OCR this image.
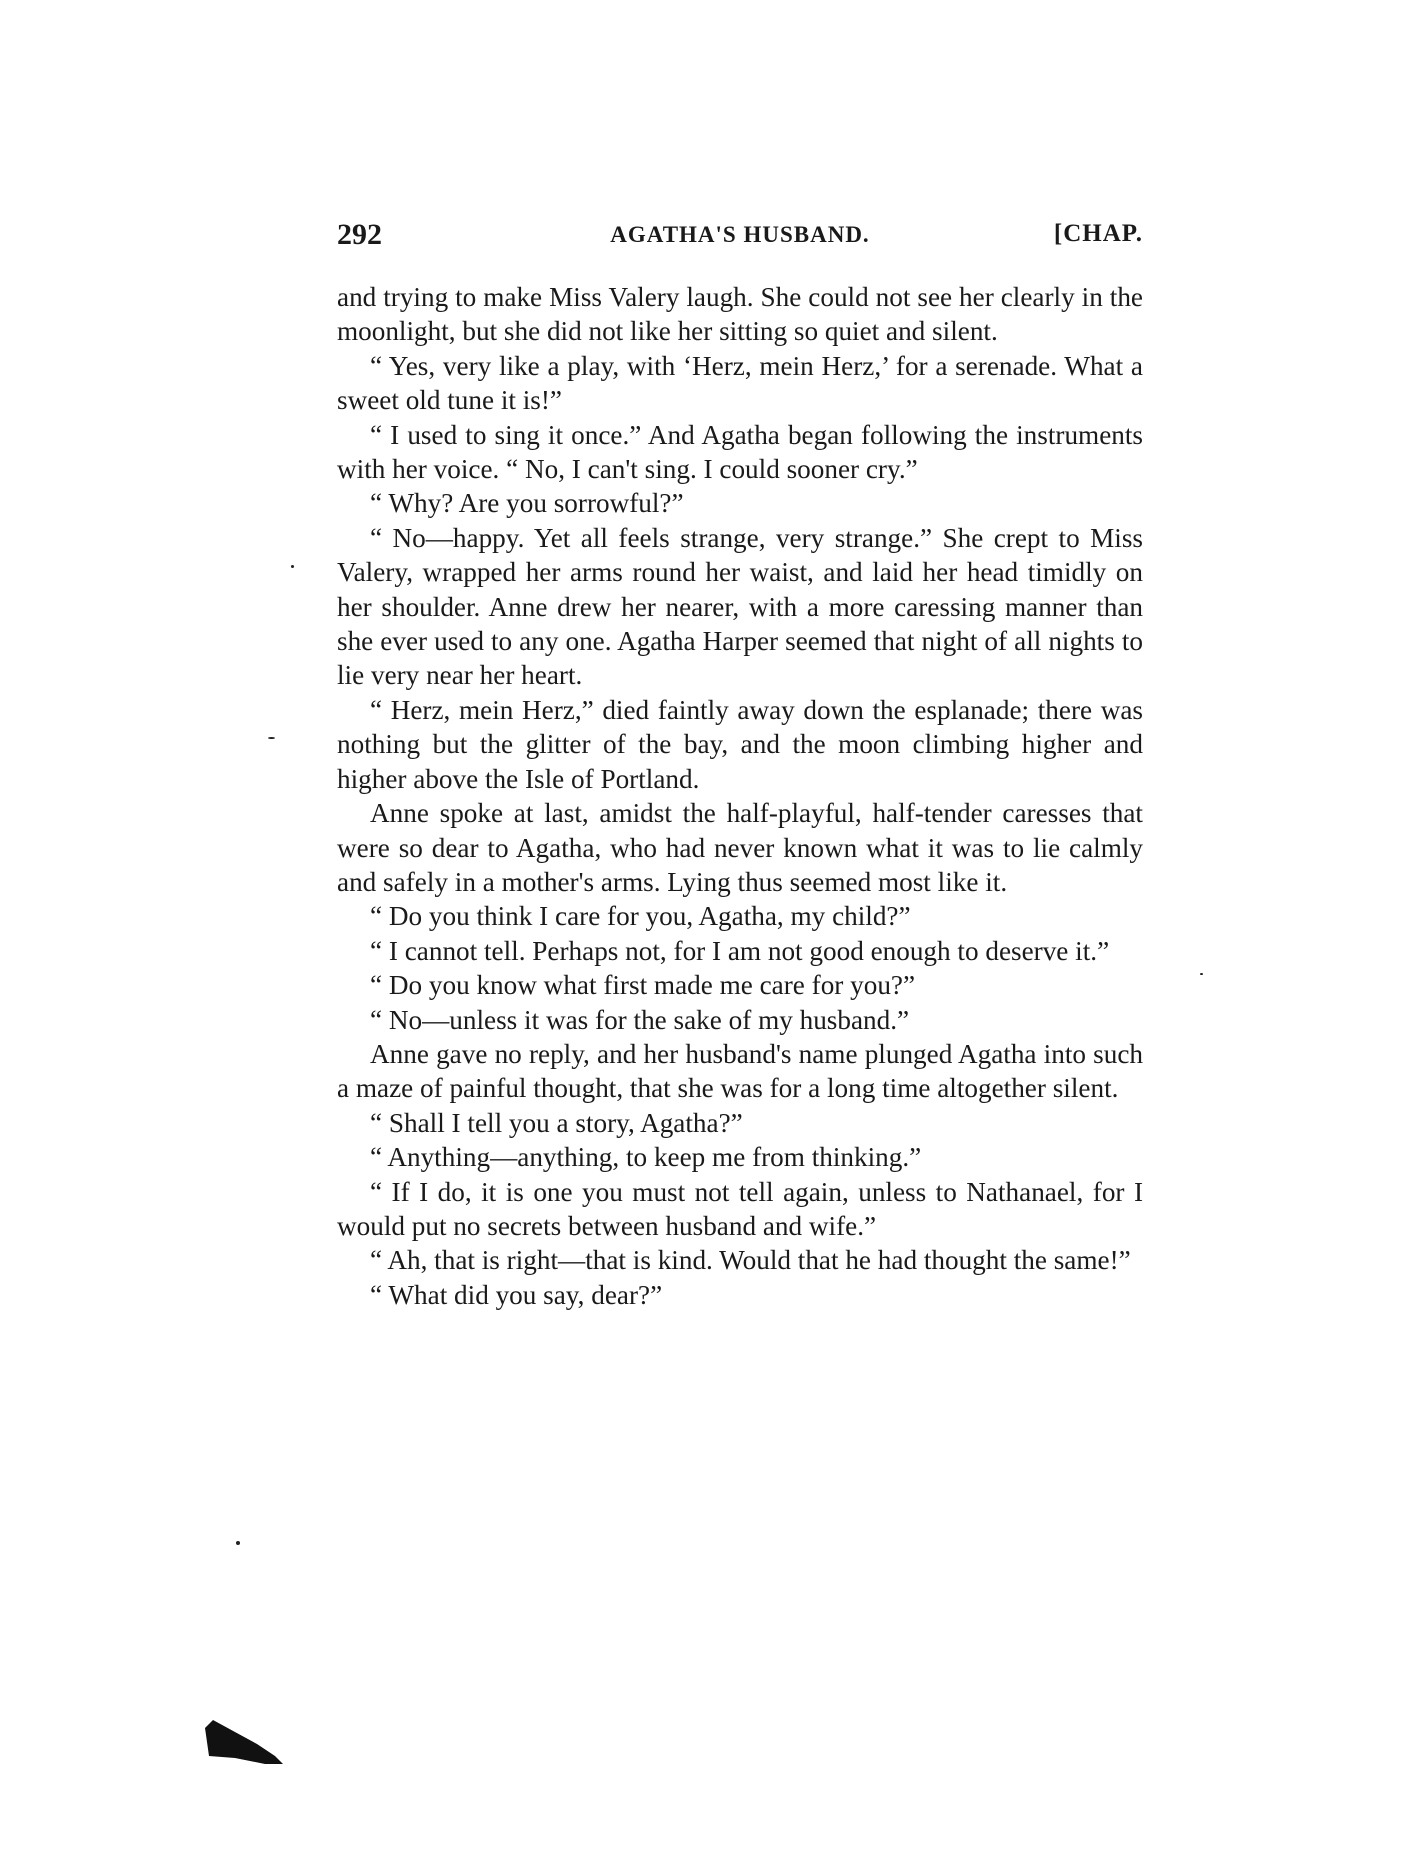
292	AGATHA'S HUSBAND.	[CHAP.

and trying to make Miss Valery laugh. She could not see her clearly in the moonlight, but she did not like her sitting so quiet and silent.

“ Yes, very like a play, with ‘Herz, mein Herz,’ for a serenade. What a sweet old tune it is!”

“ I used to sing it once.” And Agatha began following the instruments with her voice. “ No, I can't sing. I could sooner cry.”

“ Why? Are you sorrowful?”

“ No—happy. Yet all feels strange, very strange.” She crept to Miss Valery, wrapped her arms round her waist, and laid her head timidly on her shoulder. Anne drew her nearer, with a more caressing manner than she ever used to any one. Agatha Harper seemed that night of all nights to lie very near her heart.

“ Herz, mein Herz,” died faintly away down the esplanade; there was nothing but the glitter of the bay, and the moon climbing higher and higher above the Isle of Portland.

Anne spoke at last, amidst the half-playful, half-tender caresses that were so dear to Agatha, who had never known what it was to lie calmly and safely in a mother's arms. Lying thus seemed most like it.

“ Do you think I care for you, Agatha, my child?”

“ I cannot tell. Perhaps not, for I am not good enough to deserve it.”

“ Do you know what first made me care for you?”

“ No—unless it was for the sake of my husband.”

Anne gave no reply, and her husband's name plunged Agatha into such a maze of painful thought, that she was for a long time altogether silent.

“ Shall I tell you a story, Agatha?”

“ Anything—anything, to keep me from thinking.”

“ If I do, it is one you must not tell again, unless to Nathanael, for I would put no secrets between husband and wife.”

“ Ah, that is right—that is kind. Would that he had thought the same!”

“ What did you say, dear?”
